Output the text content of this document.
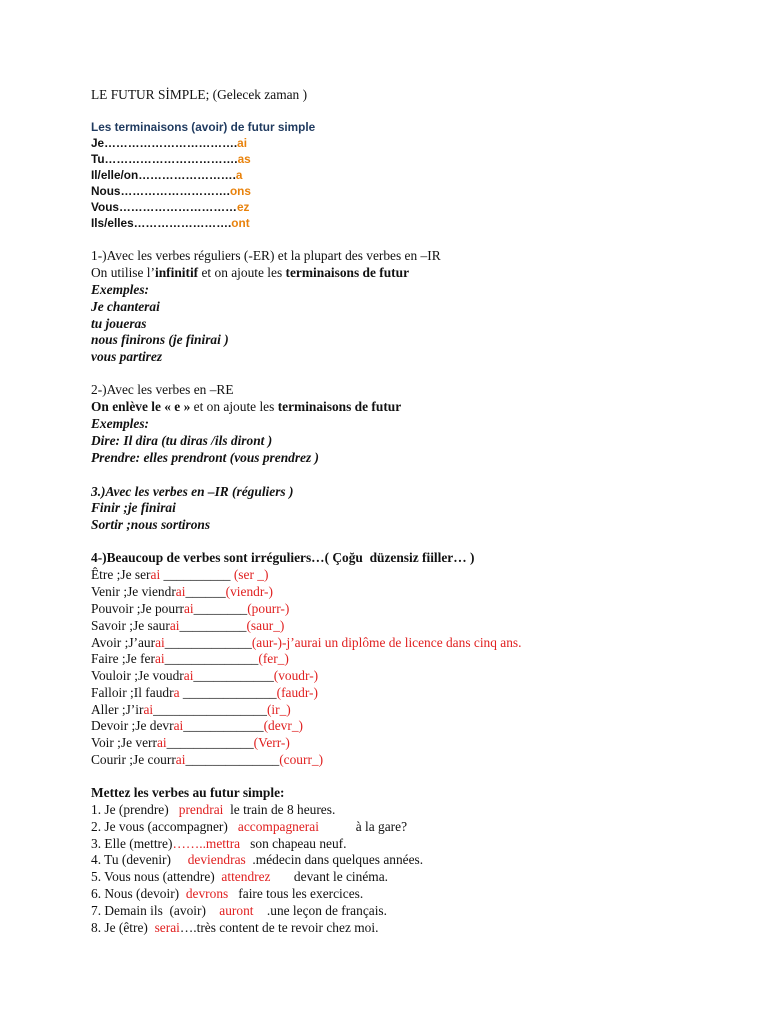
LE FUTUR SİMPLE; (Gelecek zaman )
Les terminaisons (avoir) de futur simple
Je…………………………….ai
Tu…………………………….as
Il/elle/on…………………….a
Nous……………………….ons
Vous…………………………ez
Ils/elles…………………….ont
1-)Avec les verbes réguliers (-ER) et la plupart des verbes en –IR
On utilise l’infinitif et on ajoute les terminaisons de futur
Exemples:
Je chanterai
tu joueras
nous finirons (je finirai )
vous partirez
2-)Avec les verbes en –RE
On enlève le « e » et on ajoute les terminaisons de futur
Exemples:
Dire: Il dira (tu diras /ils diront )
Prendre: elles prendront (vous prendrez )
3.)Avec les verbes en –IR (réguliers )
Finir ;je finirai
Sortir ;nous sortirons
4-)Beaucoup de verbes sont irréguliers…( Çoğu  düzensiz fiiller… )
Être ;Je serai __________ (ser _)
Venir ;Je viendrai______(viendr-)
Pouvoir ;Je pourrai________(pourr-)
Savoir ;Je saurai__________(saur_)
Avoir ;J’aurai_____________(aur-)-j’aurai un diplôme de licence dans cinq ans.
Faire ;Je ferai______________(fer_)
Vouloir ;Je voudrai____________(voudr-)
Falloir ;Il faudra ______________(faudr-)
Aller ;J’irai_________________(ir_)
Devoir ;Je devrai____________(devr_)
Voir ;Je verrai_____________(Verr-)
Courir ;Je courrai______________(courr_)
Mettez les verbes au futur simple:
1. Je (prendre)   prendrai  le train de 8 heures.
2. Je vous (accompagner)   accompagnerai           à la gare?
3. Elle (mettre)……..mettra   son chapeau neuf.
4. Tu (devenir)     deviendras  .médecin dans quelques années.
5. Vous nous (attendre)  attendrez       devant le cinéma.
6. Nous (devoir)  devrons   faire tous les exercices.
7. Demain ils  (avoir)    auront    .une leçon de français.
8. Je (être)  serai….très content de te revoir chez moi.
